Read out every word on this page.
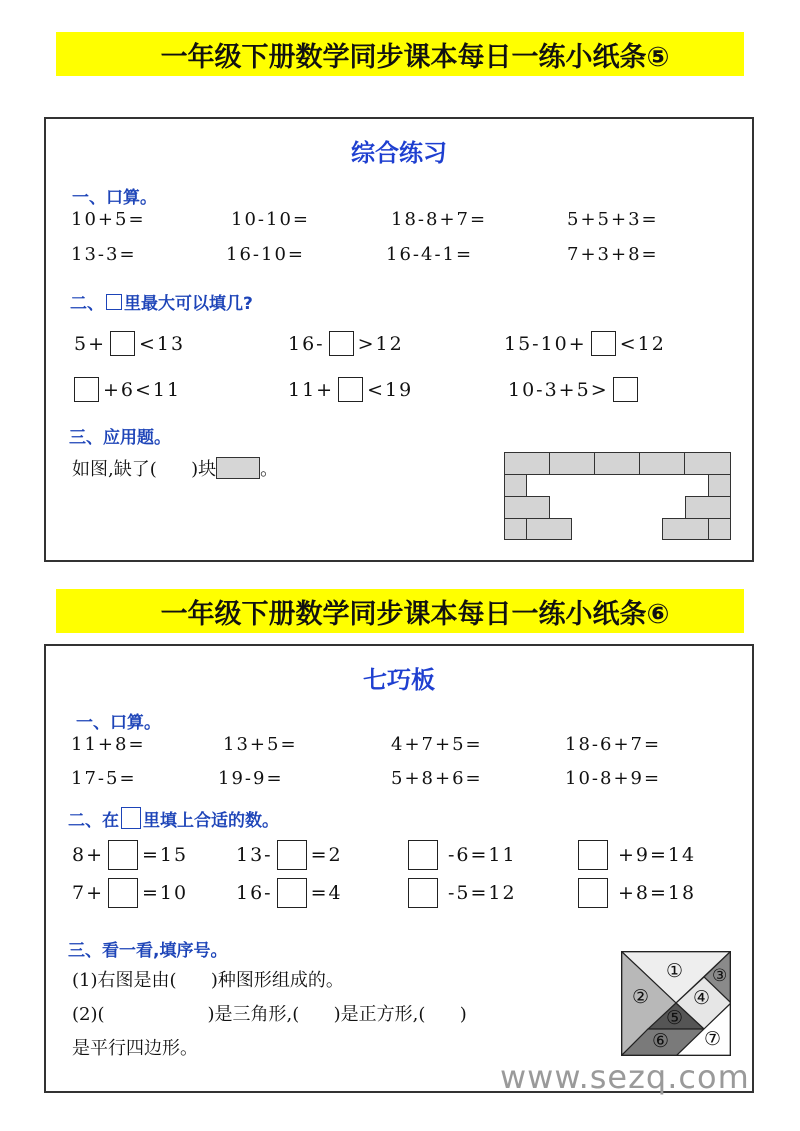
一年级下册数学同步课本每日一练小纸条⑤
综合练习
一、口算。
10+5=	10-10=	18-8+7=	5+5+3=
13-3=	16-10=	16-4-1=	7+3+8=
二、 里最大可以填几?
5+ <13	16- >12	15-10+ <12
+6<11	11+ <19	10-3+5>
三、应用题。
如图,缺了(      )块 。
一年级下册数学同步课本每日一练小纸条⑥
七巧板
一、口算。
11+8=	13+5=	4+7+5=	18-6+7=
17-5=	19-9=	5+8+6=	10-8+9=
二、在 里填上合适的数。
8+ =15	13- =2	-6=11	+9=14
7+ =10	16- =4	-5=12	+8=18
三、看一看,填序号。
(1)右图是由(      )种图形组成的。
(2)(                  )是三角形,(      )是正方形,(      )
是平行四边形。
①
②
③
④
⑤
⑥ ⑦
www.sezq.com
